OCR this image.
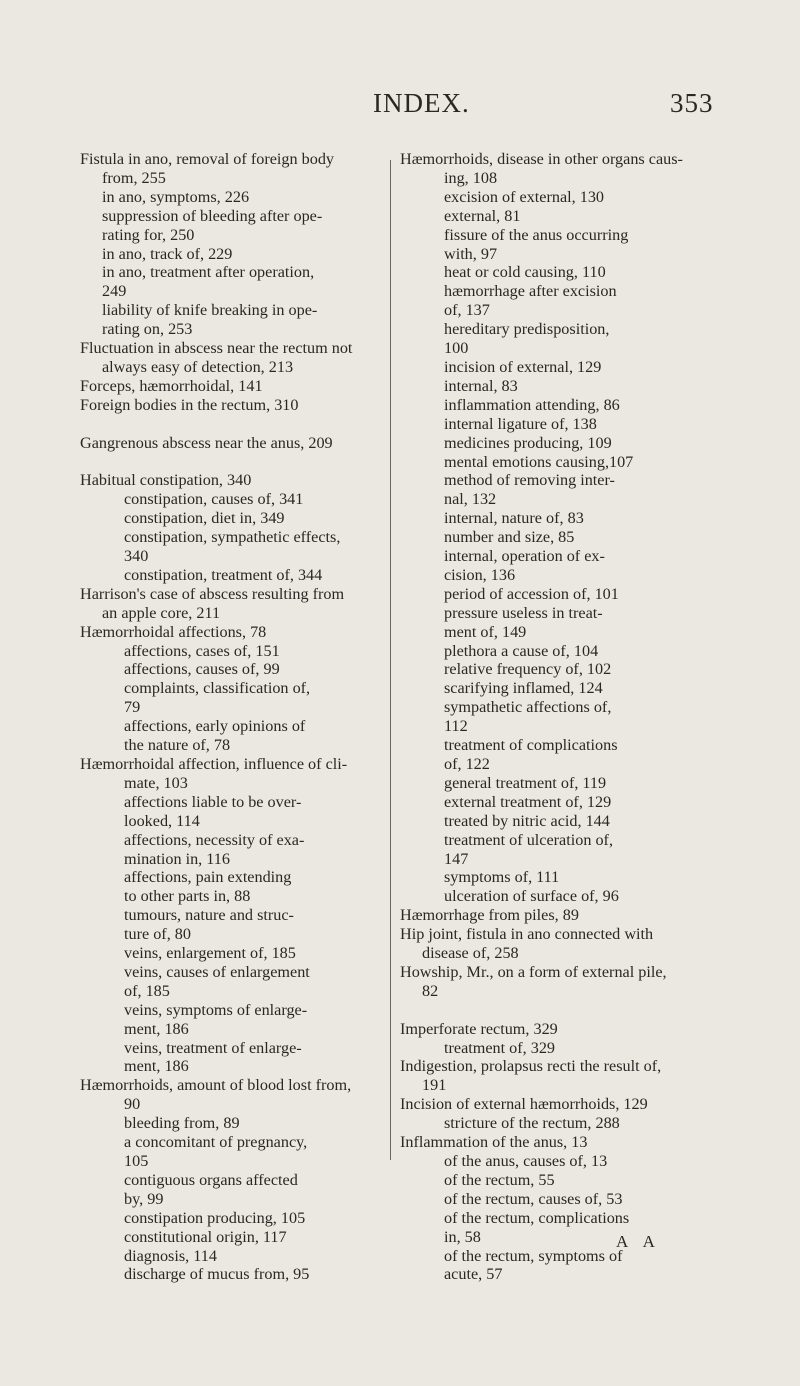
INDEX.	353
Fistula in ano, removal of foreign body
from, 255
in ano, symptoms, 226
suppression of bleeding after ope-
rating for, 250
in ano, track of, 229
in ano, treatment after operation,
249
liability of knife breaking in ope-
rating on, 253
Fluctuation in abscess near the rectum not
always easy of detection, 213
Forceps, hæmorrhoidal, 141
Foreign bodies in the rectum, 310
Gangrenous abscess near the anus, 209
Habitual constipation, 340
constipation, causes of, 341
constipation, diet in, 349
constipation, sympathetic effects,
340
constipation, treatment of, 344
Harrison's case of abscess resulting from
an apple core, 211
Hæmorrhoidal affections, 78
affections, cases of, 151
affections, causes of, 99
complaints, classification of,
79
affections, early opinions of
the nature of, 78
Hæmorrhoidal affection, influence of cli-
mate, 103
affections liable to be over-
looked, 114
affections, necessity of exa-
mination in, 116
affections, pain extending
to other parts in, 88
tumours, nature and struc-
ture of, 80
veins, enlargement of, 185
veins, causes of enlargement
of, 185
veins, symptoms of enlarge-
ment, 186
veins, treatment of enlarge-
ment, 186
Hæmorrhoids, amount of blood lost from,
90
bleeding from, 89
a concomitant of pregnancy,
105
contiguous organs affected
by, 99
constipation producing, 105
constitutional origin, 117
diagnosis, 114
discharge of mucus from, 95
Hæmorrhoids, disease in other organs caus-
ing, 108
excision of external, 130
external, 81
fissure of the anus occurring
with, 97
heat or cold causing, 110
hæmorrhage after excision
of, 137
hereditary predisposition,
100
incision of external, 129
internal, 83
inflammation attending, 86
internal ligature of, 138
medicines producing, 109
mental emotions causing,107
method of removing inter-
nal, 132
internal, nature of, 83
number and size, 85
internal, operation of ex-
cision, 136
period of accession of, 101
pressure useless in treat-
ment of, 149
plethora a cause of, 104
relative frequency of, 102
scarifying inflamed, 124
sympathetic affections of,
112
treatment of complications
of, 122
general treatment of, 119
external treatment of, 129
treated by nitric acid, 144
treatment of ulceration of,
147
symptoms of, 111
ulceration of surface of, 96
Hæmorrhage from piles, 89
Hip joint, fistula in ano connected with
disease of, 258
Howship, Mr., on a form of external pile,
82
Imperforate rectum, 329
treatment of, 329
Indigestion, prolapsus recti the result of,
191
Incision of external hæmorrhoids, 129
stricture of the rectum, 288
Inflammation of the anus, 13
of the anus, causes of, 13
of the rectum, 55
of the rectum, causes of, 53
of the rectum, complications
in, 58
of the rectum, symptoms of
acute, 57
A A
